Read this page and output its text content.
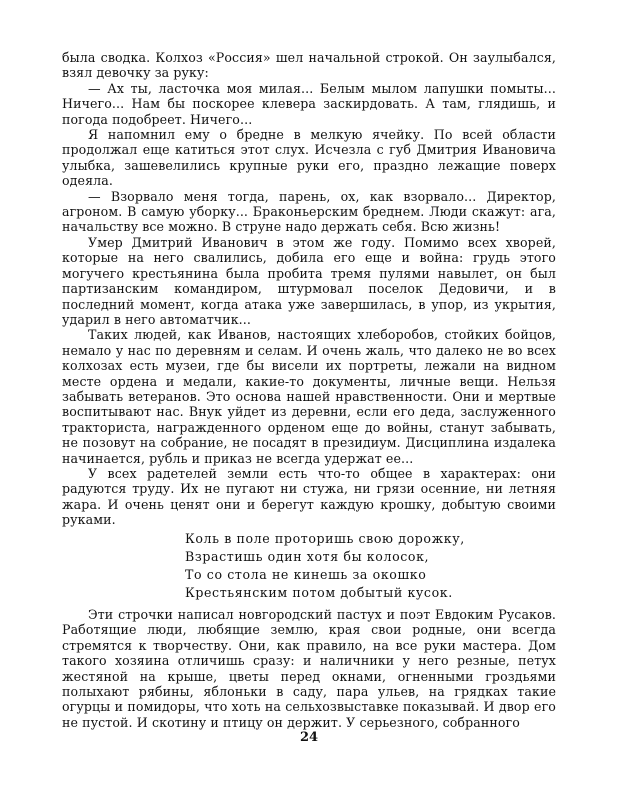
была сводка. Колхоз «Россия» шел начальной строкой. Он заулыбался, взял девочку за руку:

— Ах ты, ласточка моя милая... Белым мылом лапушки помыты... Ничего... Нам бы поскорее клевера заскирдовать. А там, глядишь, и погода подобреет. Ничего...

Я напомнил ему о бредне в мелкую ячейку. По всей области продолжал еще катиться этот слух. Исчезла с губ Дмитрия Ивановича улыбка, зашевелились крупные руки его, праздно лежащие поверх одеяла.

— Взорвало меня тогда, парень, ох, как взорвало... Директор, агроном. В самую уборку... Браконьерским бреднем. Люди скажут: ага, начальству все можно. В струне надо держать себя. Всю жизнь!

Умер Дмитрий Иванович в этом же году. Помимо всех хворей, которые на него свалились, добила его еще и война: грудь этого могучего крестьянина была пробита тремя пулями навылет, он был партизанским командиром, штурмовал поселок Дедовичи, и в последний момент, когда атака уже завершилась, в упор, из укрытия, ударил в него автоматчик...

Таких людей, как Иванов, настоящих хлеборобов, стойких бойцов, немало у нас по деревням и селам. И очень жаль, что далеко не во всех колхозах есть музеи, где бы висели их портреты, лежали на видном месте ордена и медали, какие-то документы, личные вещи. Нельзя забывать ветеранов. Это основа нашей нравственности. Они и мертвые воспитывают нас. Внук уйдет из деревни, если его деда, заслуженного тракториста, награжденного орденом еще до войны, станут забывать, не позовут на собрание, не посадят в президиум. Дисциплина издалека начинается, рубль и приказ не всегда удержат ее...

У всех радетелей земли есть что-то общее в характерах: они радуются труду. Их не пугают ни стужа, ни грязи осенние, ни летняя жара. И очень ценят они и берегут каждую крошку, добытую своими руками.

Коль в поле проторишь свою дорожку,
Взрастишь один хотя бы колосок,
То со стола не кинешь за окошко
Крестьянским потом добытый кусок.

Эти строчки написал новгородский пастух и поэт Евдоким Русаков. Работящие люди, любящие землю, края свои родные, они всегда стремятся к творчеству. Они, как правило, на все руки мастера. Дом такого хозяина отличишь сразу: и наличники у него резные, петух жестяной на крыше, цветы перед окнами, огненными гроздьями полыхают рябины, яблоньки в саду, пара ульев, на грядках такие огурцы и помидоры, что хоть на сельхозвыставке показывай. И двор его не пустой. И скотину и птицу он держит. У серьезного, собранного

24
